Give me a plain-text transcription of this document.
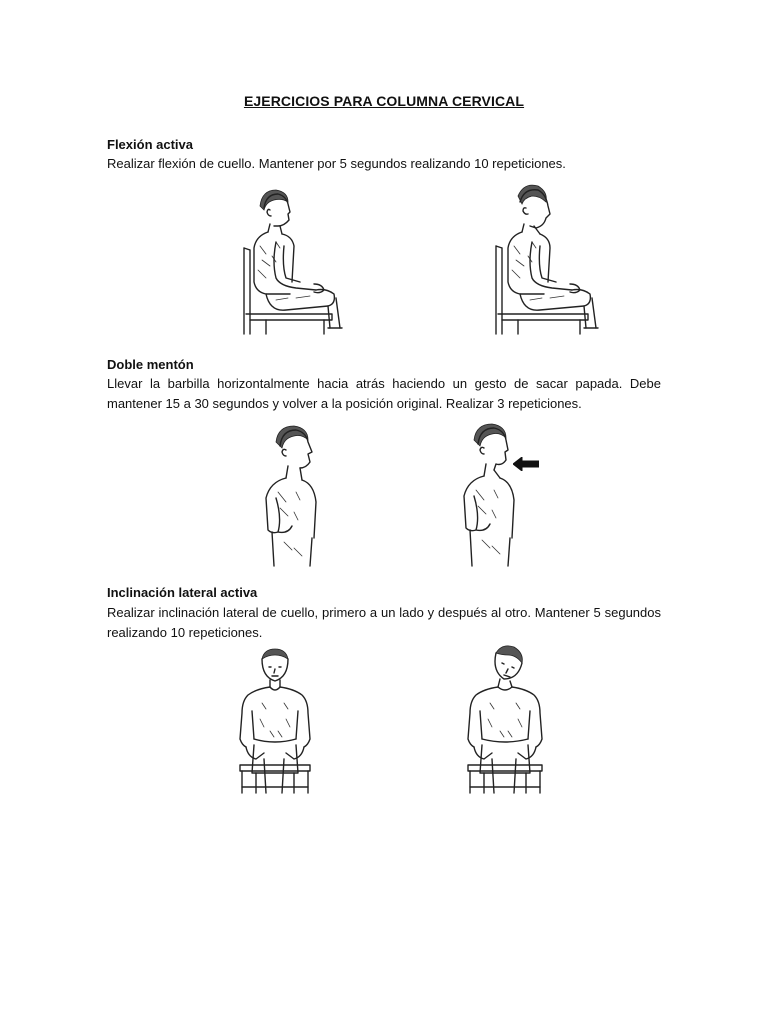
EJERCICIOS PARA COLUMNA CERVICAL
Flexión activa
Realizar flexión de cuello. Mantener por 5 segundos realizando 10 repeticiones.
Doble mentón
Llevar la barbilla horizontalmente hacia atrás haciendo un gesto de sacar papada. Debe mantener 15 a 30 segundos y volver a la posición original. Realizar 3 repeticiones.
Inclinación lateral activa
Realizar inclinación lateral de cuello, primero a un lado y después al otro. Mantener 5 segundos realizando 10 repeticiones.
